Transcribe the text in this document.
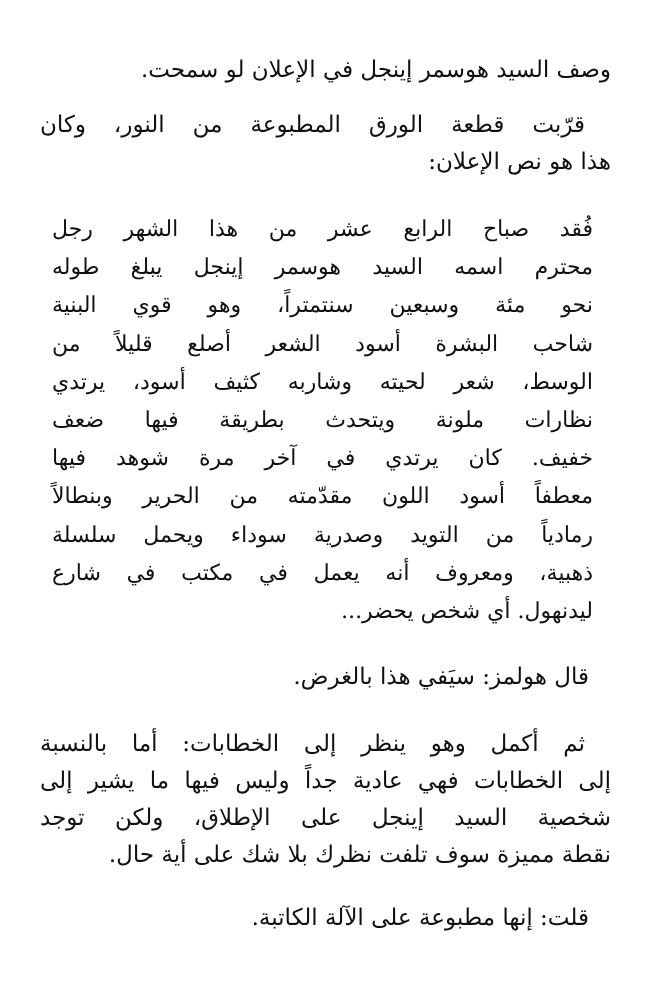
وصف السيد هوسمر إينجل في الإعلان لو سمحت.

قرّبت قطعة الورق المطبوعة من النور، وكان

هذا هو نص الإعلان:

فُقد صباح الرابع عشر من هذا الشهر رجل

محترم اسمه السيد هوسمر إينجل يبلغ طوله

نحو مئة وسبعين سنتمتراً، وهو قوي البنية

شاحب البشرة أسود الشعر أصلع قليلاً من

الوسط، شعر لحيته وشاربه كثيف أسود، يرتدي

نظارات ملونة ويتحدث بطريقة فيها ضعف

خفيف. كان يرتدي في آخر مرة شوهد فيها

معطفاً أسود اللون مقدّمته من الحرير وبنطالاً

رمادياً من التويد وصدرية سوداء ويحمل سلسلة

ذهبية، ومعروف أنه يعمل في مكتب في شارع

ليدنهول. أي شخص يحضر...

قال هولمز: سيَفي هذا بالغرض.

ثم أكمل وهو ينظر إلى الخطابات: أما بالنسبة

إلى الخطابات فهي عادية جداً وليس فيها ما يشير إلى

شخصية السيد إينجل على الإطلاق، ولكن توجد

نقطة مميزة سوف تلفت نظرك بلا شك على أية حال.

قلت: إنها مطبوعة على الآلة الكاتبة.
